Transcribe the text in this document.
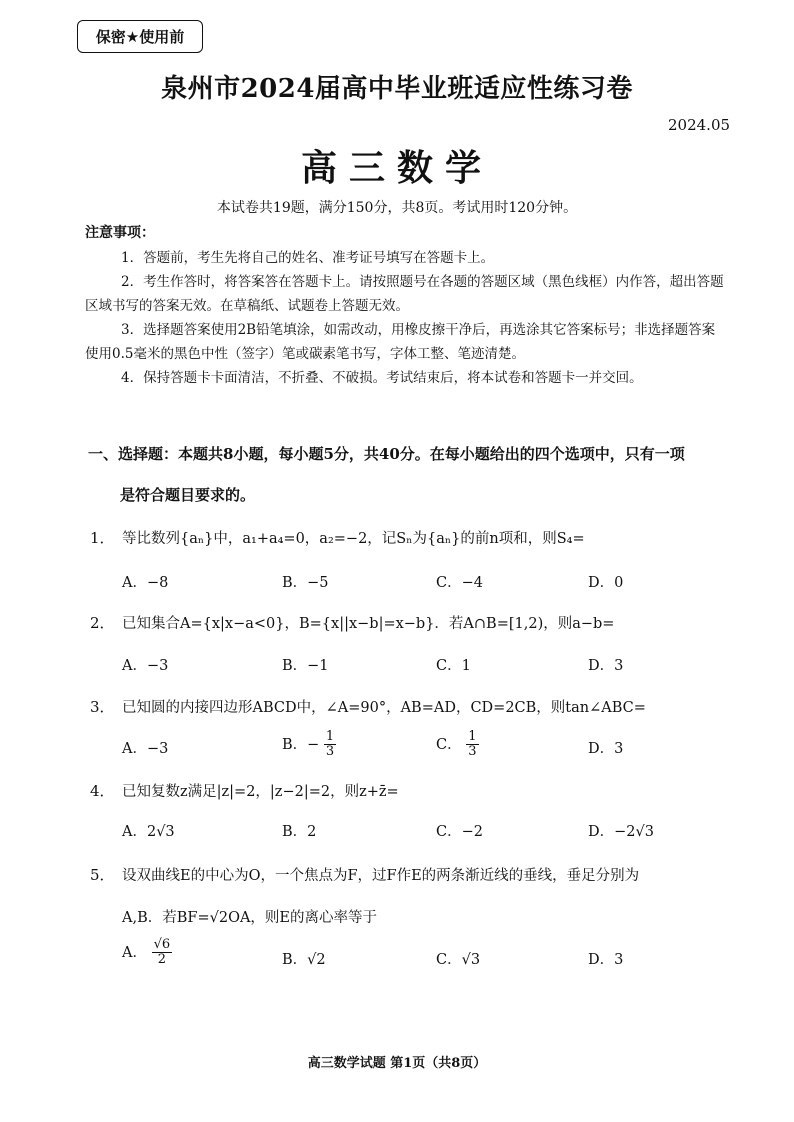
保密★使用前
泉州市2024届高中毕业班适应性练习卷
2024.05
高三数学
本试卷共19题，满分150分，共8页。考试用时120分钟。
注意事项：
1．答题前，考生先将自己的姓名、准考证号填写在答题卡上。
2．考生作答时，将答案答在答题卡上。请按照题号在各题的答题区域（黑色线框）内作答，超出答题区域书写的答案无效。在草稿纸、试题卷上答题无效。
3．选择题答案使用2B铅笔填涂，如需改动，用橡皮擦干净后，再选涂其它答案标号；非选择题答案使用0.5毫米的黑色中性（签字）笔或碳素笔书写，字体工整、笔迹清楚。
4．保持答题卡卡面清洁，不折叠、不破损。考试结束后，将本试卷和答题卡一并交回。
一、选择题：本题共8小题，每小题5分，共40分。在每小题给出的四个选项中，只有一项
是符合题目要求的。
1． 等比数列{aₙ}中，a₁+a₄=0，a₂=−2，记Sₙ为{aₙ}的前n项和，则S₄=
A．−8	B．−5	C．−4	D．0
2． 已知集合A={x|x−a<0}，B={x||x−b|=x−b}．若A∩B=[1,2)，则a−b=
A．−3	B．−1	C．1	D．3
3． 已知圆的内接四边形ABCD中，∠A=90°，AB=AD，CD=2CB，则tan∠ABC=
A．−3	B．− $\frac{1}{3}$	C． $\frac{1}{3}$	D．3
4． 已知复数z满足|z|=2，|z−2|=2，则z+z̄=
A．2√3	B．2	C．−2	D．−2√3
5． 设双曲线E的中心为O，一个焦点为F，过F作E的两条渐近线的垂线，垂足分别为
A,B．若BF=√2OA，则E的离心率等于
A． $\frac{√6}{2}$	B．√2	C．√3	D．3
高三数学试题 第1页（共8页）
